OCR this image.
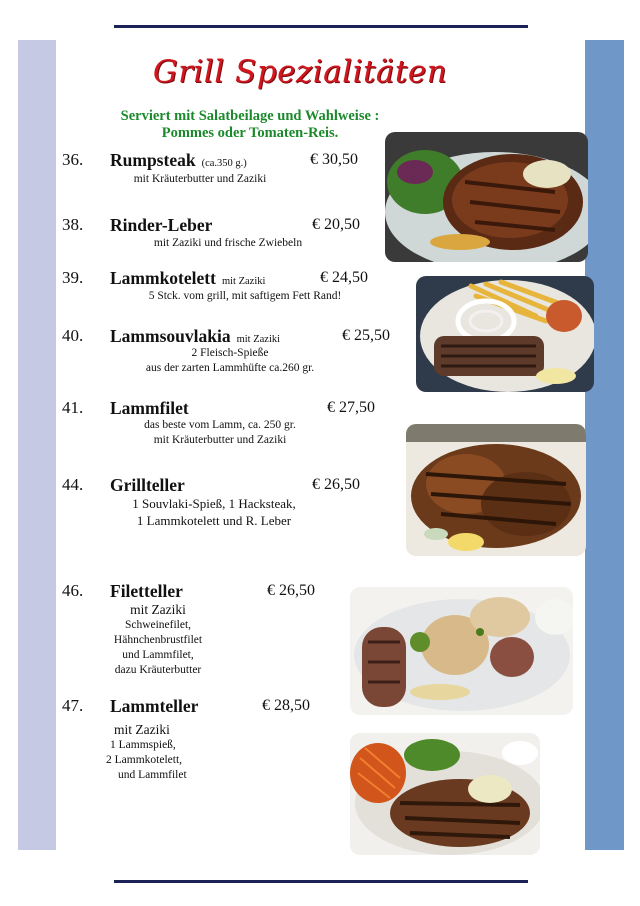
Grill Spezialitäten
Serviert mit Salatbeilage und Wahlweise :
Pommes oder Tomaten-Reis.
36. Rumpsteak (ca.350 g.)	€ 30,50
mit Kräuterbutter und Zaziki
38. Rinder-Leber	€ 20,50
mit Zaziki und frische Zwiebeln
39. Lammkotelett mit Zaziki	€ 24,50
5 Stck. vom grill, mit saftigem Fett Rand!
40. Lammsouvlakia mit Zaziki	€ 25,50
2 Fleisch-Spieße
aus der zarten Lammhüfte ca.260 gr.
41. Lammfilet	€ 27,50
das beste vom Lamm, ca. 250 gr.
mit Kräuterbutter und Zaziki
44. Grillteller	€ 26,50
1 Souvlaki-Spieß, 1 Hacksteak,
1 Lammkotelett und R. Leber
46. Filetteller	€ 26,50
mit Zaziki
Schweinefilet,
Hähnchenbrustfilet
und Lammfilet,
dazu Kräuterbutter
47. Lammteller	€ 28,50
mit Zaziki
1 Lammspieß,
2 Lammkotelett,
und Lammfilet
